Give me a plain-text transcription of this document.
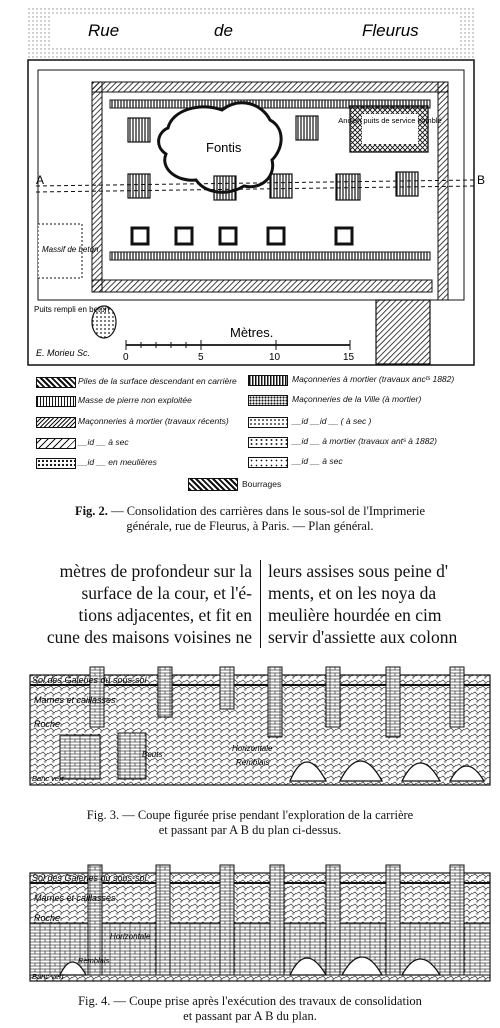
Rue	de	Fleurus
Fontis
Ancien puits de service comblé
A	B
Massif de beton
Puits rempli en beton
Mètres.
0	5	10	15
E. Morieu Sc.
Piles de la surface descendant en carrière
Masse de pierre non exploitée
Maçonneries à mortier (travaux récents)
__id __ à sec
__id __ en meulières
Maçonneries à mortier (travaux ancᵗˢ 1882)
Maçonneries de la Ville (à mortier)
__id __id __ ( à sec )
__id __ à mortier (travaux antˢ à 1882)
__id __ à sec
Bourrages
Fig. 2. — Consolidation des carrières dans le sous-sol de l'Imprimerie
générale, rue de Fleurus, à Paris. — Plan général.
mètres de profondeur sur la
surface de la cour, et l'é-
tions adjacentes, et fit en
cune des maisons voisines ne
leurs assises sous peine d'
ments, et on les noya da
meulière hourdée en cim
servir d'assiette aux colonn
Sol des Galeries du sous-sol
Marnes et caillasses
Roche
Bouts
Horizontale
Remblais
Banc vert
Fig. 3. — Coupe figurée prise pendant l'exploration de la carrière
et passant par A B du plan ci-dessus.
Sol des Galeries du sous-sol
Marnes et caillasses
Roche
Horizontale
Remblais
Banc vert
Fig. 4. — Coupe prise après l'exécution des travaux de consolidation
et passant par A B du plan.
